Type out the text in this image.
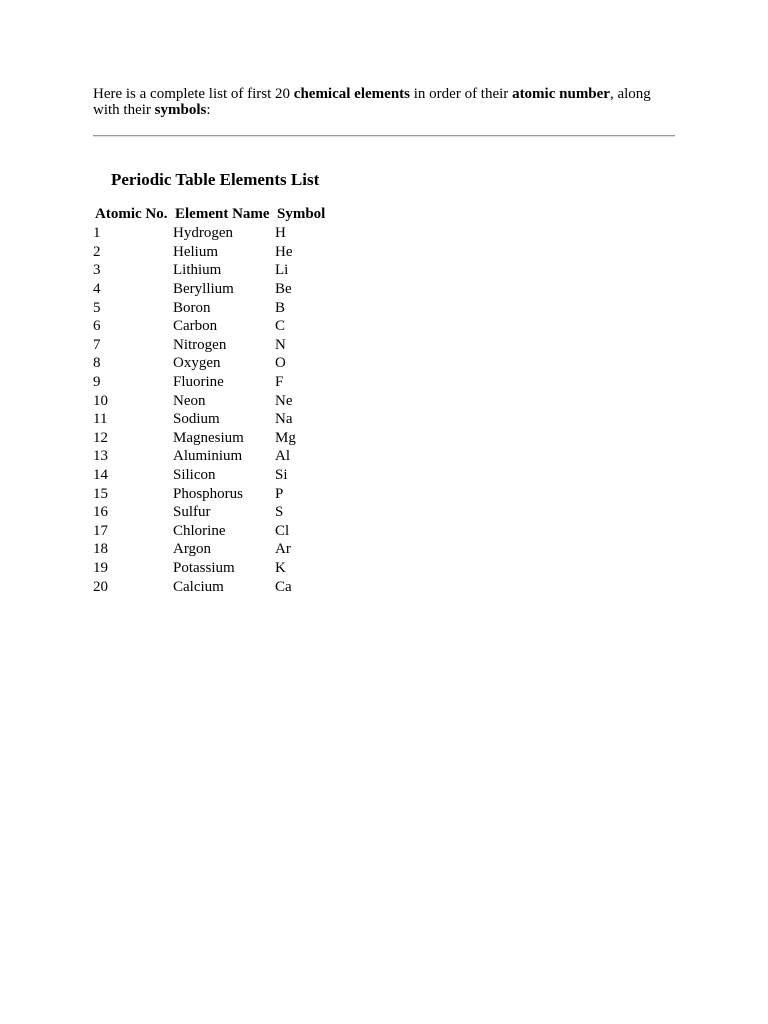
Here is a complete list of first 20 chemical elements in order of their atomic number, along with their symbols:

Periodic Table Elements List
Atomic No.	Element Name	Symbol
1	Hydrogen	H
2	Helium	He
3	Lithium	Li
4	Beryllium	Be
5	Boron	B
6	Carbon	C
7	Nitrogen	N
8	Oxygen	O
9	Fluorine	F
10	Neon	Ne
11	Sodium	Na
12	Magnesium	Mg
13	Aluminium	Al
14	Silicon	Si
15	Phosphorus	P
16	Sulfur	S
17	Chlorine	Cl
18	Argon	Ar
19	Potassium	K
20	Calcium	Ca
